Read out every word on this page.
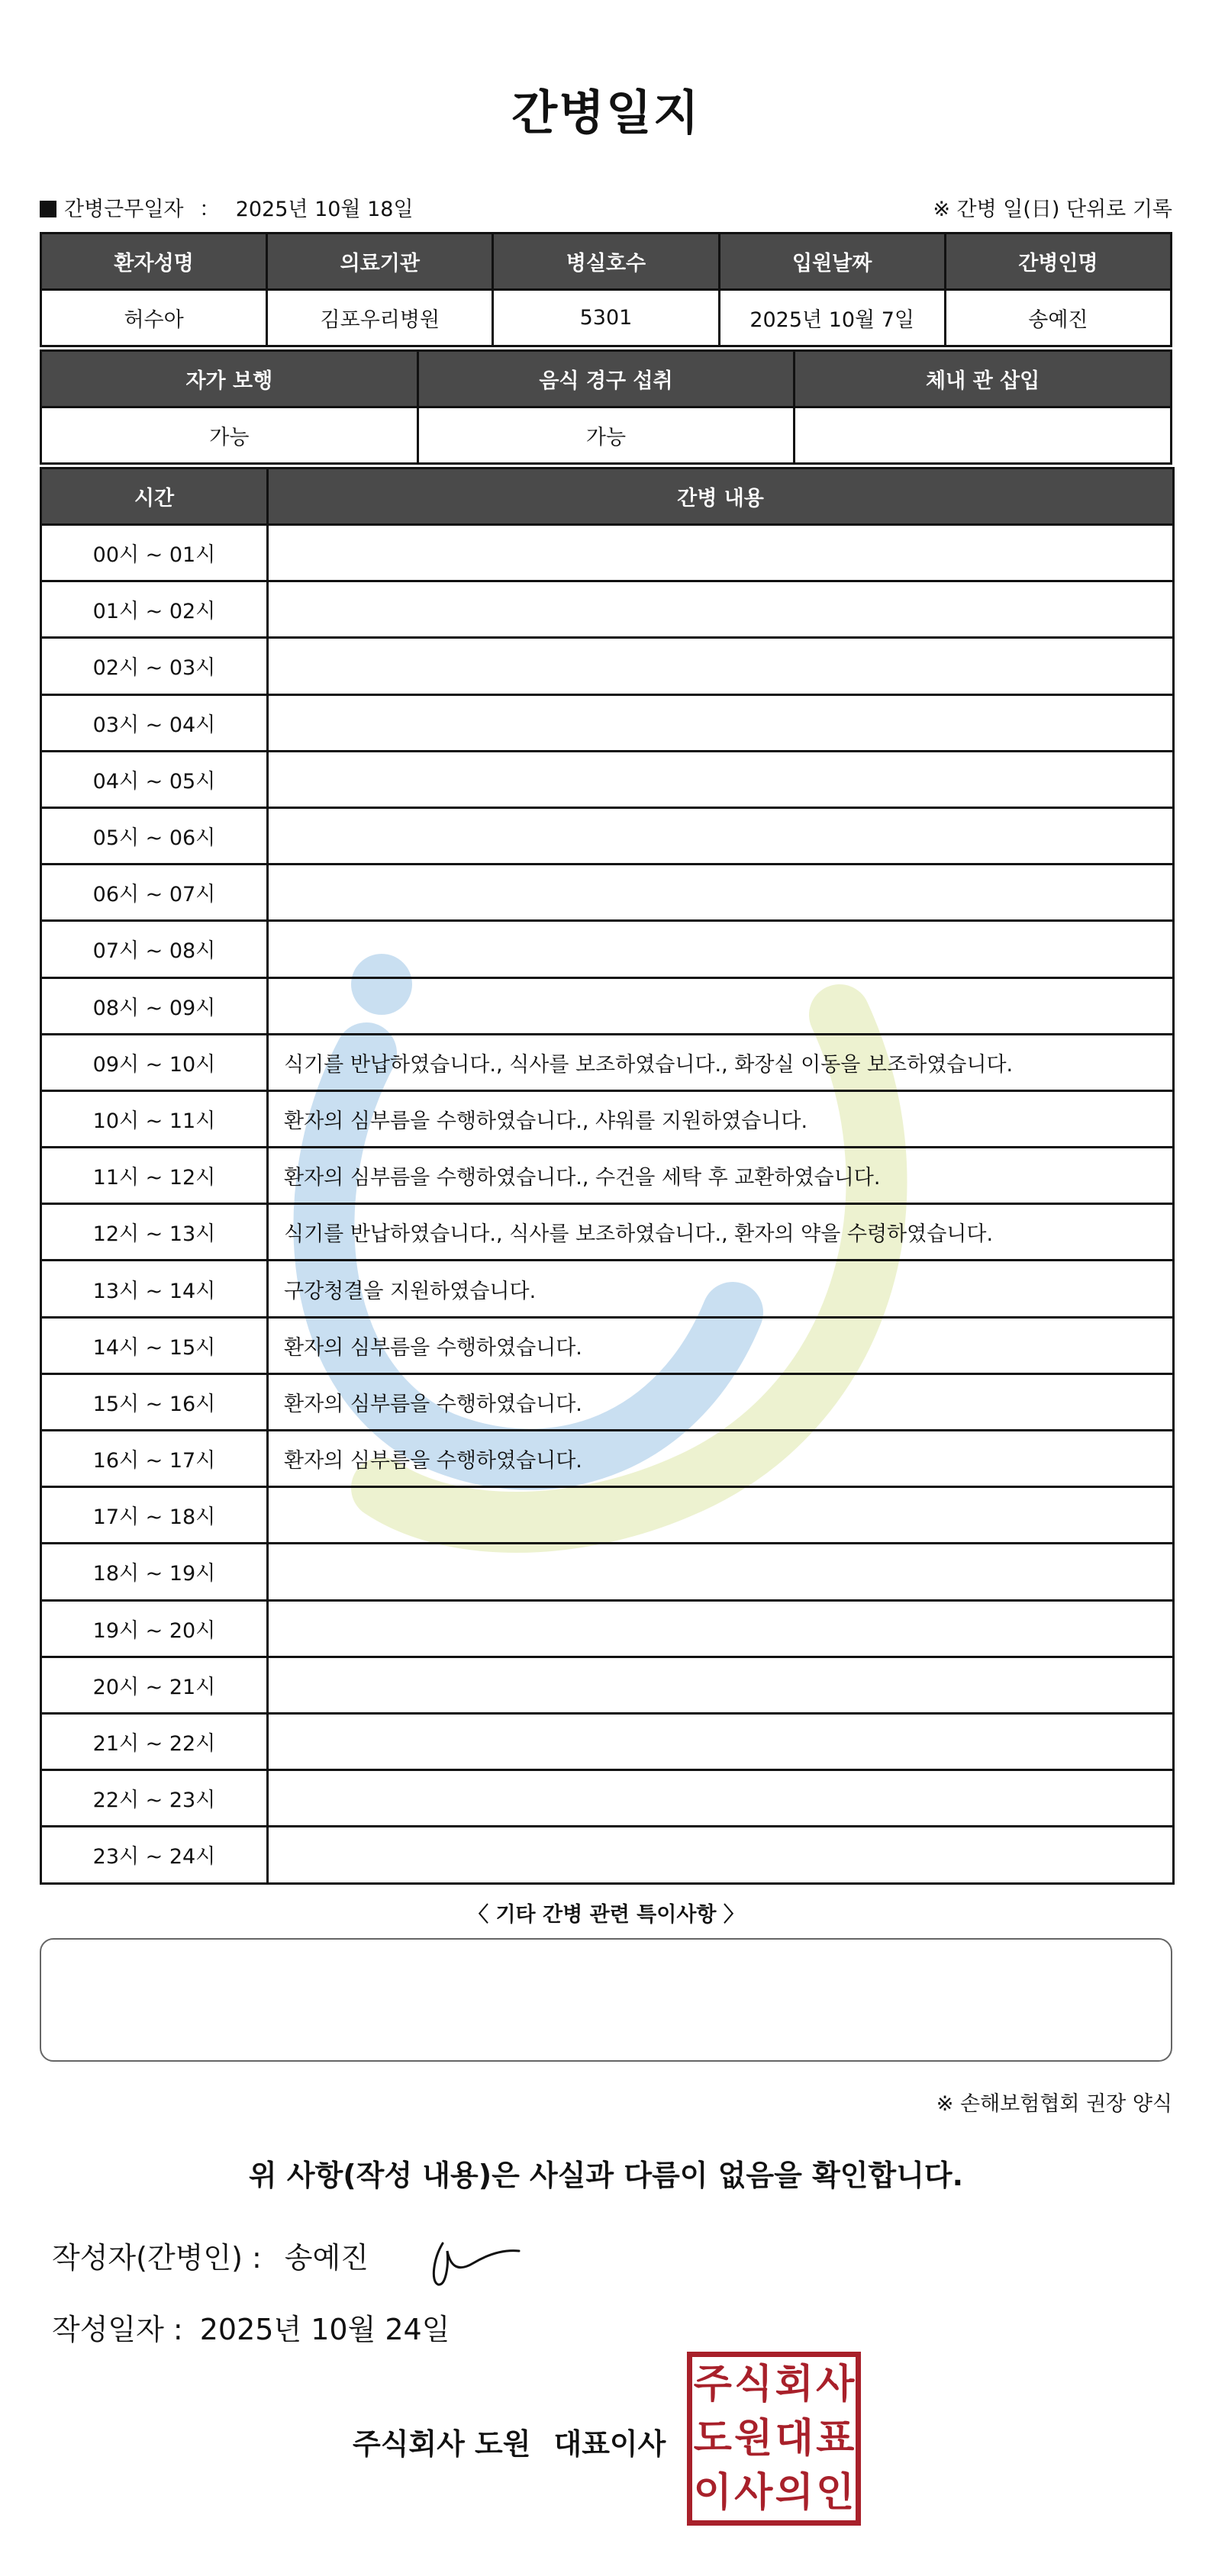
간병일지
간병근무일자 ： 2025년 10월 18일	※ 간병 일(日) 단위로 기록
환자성명	의료기관	병실호수	입원날짜	간병인명
허수아	김포우리병원	5301	2025년 10월 7일	송예진
자가 보행	음식 경구 섭취	체내 관 삽입
가능	가능	
시간	간병 내용
00시 ~ 01시	
01시 ~ 02시	
02시 ~ 03시	
03시 ~ 04시	
04시 ~ 05시	
05시 ~ 06시	
06시 ~ 07시	
07시 ~ 08시	
08시 ~ 09시	
09시 ~ 10시	식기를 반납하였습니다., 식사를 보조하였습니다., 화장실 이동을 보조하였습니다.
10시 ~ 11시	환자의 심부름을 수행하였습니다., 샤워를 지원하였습니다.
11시 ~ 12시	환자의 심부름을 수행하였습니다., 수건을 세탁 후 교환하였습니다.
12시 ~ 13시	식기를 반납하였습니다., 식사를 보조하였습니다., 환자의 약을 수령하였습니다.
13시 ~ 14시	구강청결을 지원하였습니다.
14시 ~ 15시	환자의 심부름을 수행하였습니다.
15시 ~ 16시	환자의 심부름을 수행하였습니다.
16시 ~ 17시	환자의 심부름을 수행하였습니다.
17시 ~ 18시	
18시 ~ 19시	
19시 ~ 20시	
20시 ~ 21시	
21시 ~ 22시	
22시 ~ 23시	
23시 ~ 24시	
〈 기타 간병 관련 특이사항 〉
※ 손해보험협회 권장 양식
위 사항(작성 내용)은 사실과 다름이 없음을 확인합니다.
작성자(간병인) : 송예진
작성일자 : 2025년 10월 24일
주식회사 도원 대표이사
주 식 회 사
도 원 대 표
이 사 의 인
